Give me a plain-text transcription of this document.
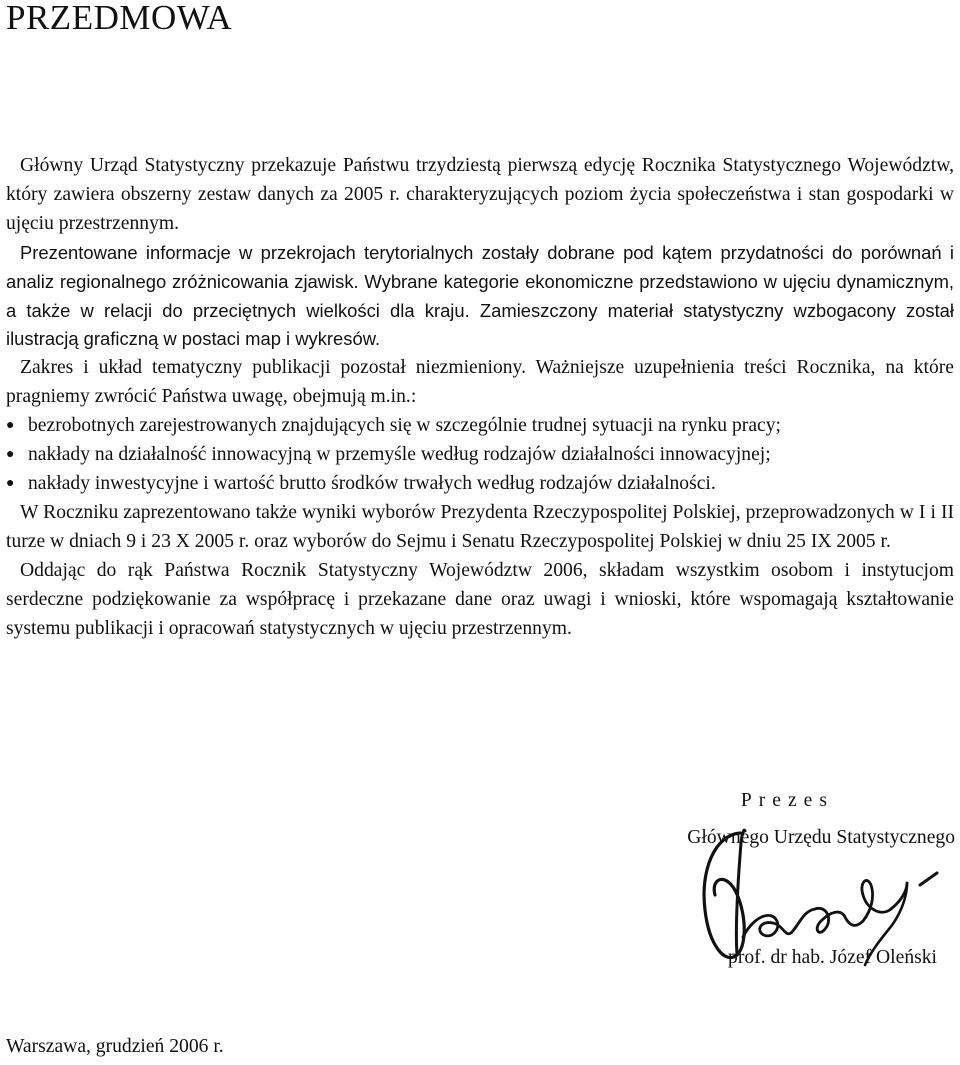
PRZEDMOWA

Główny Urząd Statystyczny przekazuje Państwu trzydziestą pierwszą edycję Rocznika Statystycznego Województw, który zawiera obszerny zestaw danych za 2005 r. charakteryzujących poziom życia społeczeństwa i stan gospodarki w ujęciu przestrzennym.

Prezentowane informacje w przekrojach terytorialnych zostały dobrane pod kątem przydatności do porównań i analiz regionalnego zróżnicowania zjawisk. Wybrane kategorie ekonomiczne przedstawiono w ujęciu dynamicznym, a także w relacji do przeciętnych wielkości dla kraju. Zamieszczony materiał statystyczny wzbogacony został ilustracją graficzną w postaci map i wykresów.

Zakres i układ tematyczny publikacji pozostał niezmieniony. Ważniejsze uzupełnienia treści Rocznika, na które pragniemy zwrócić Państwa uwagę, obejmują m.in.:

● bezrobotnych zarejestrowanych znajdujących się w szczególnie trudnej sytuacji na rynku pracy;
● nakłady na działalność innowacyjną w przemyśle według rodzajów działalności innowacyjnej;
● nakłady inwestycyjne i wartość brutto środków trwałych według rodzajów działalności.

W Roczniku zaprezentowano także wyniki wyborów Prezydenta Rzeczypospolitej Polskiej, przeprowadzonych w I i II turze w dniach 9 i 23 X 2005 r. oraz wyborów do Sejmu i Senatu Rzeczypospolitej Polskiej w dniu 25 IX 2005 r.

Oddając do rąk Państwa Rocznik Statystyczny Województw 2006, składam wszystkim osobom i instytucjom serdeczne podziękowanie za współpracę i przekazane dane oraz uwagi i wnioski, które wspomagają kształtowanie systemu publikacji i opracowań statystycznych w ujęciu przestrzennym.

Prezes
Głównego Urzędu Statystycznego
prof. dr hab. Józef Oleński
Warszawa, grudzień 2006 r.
